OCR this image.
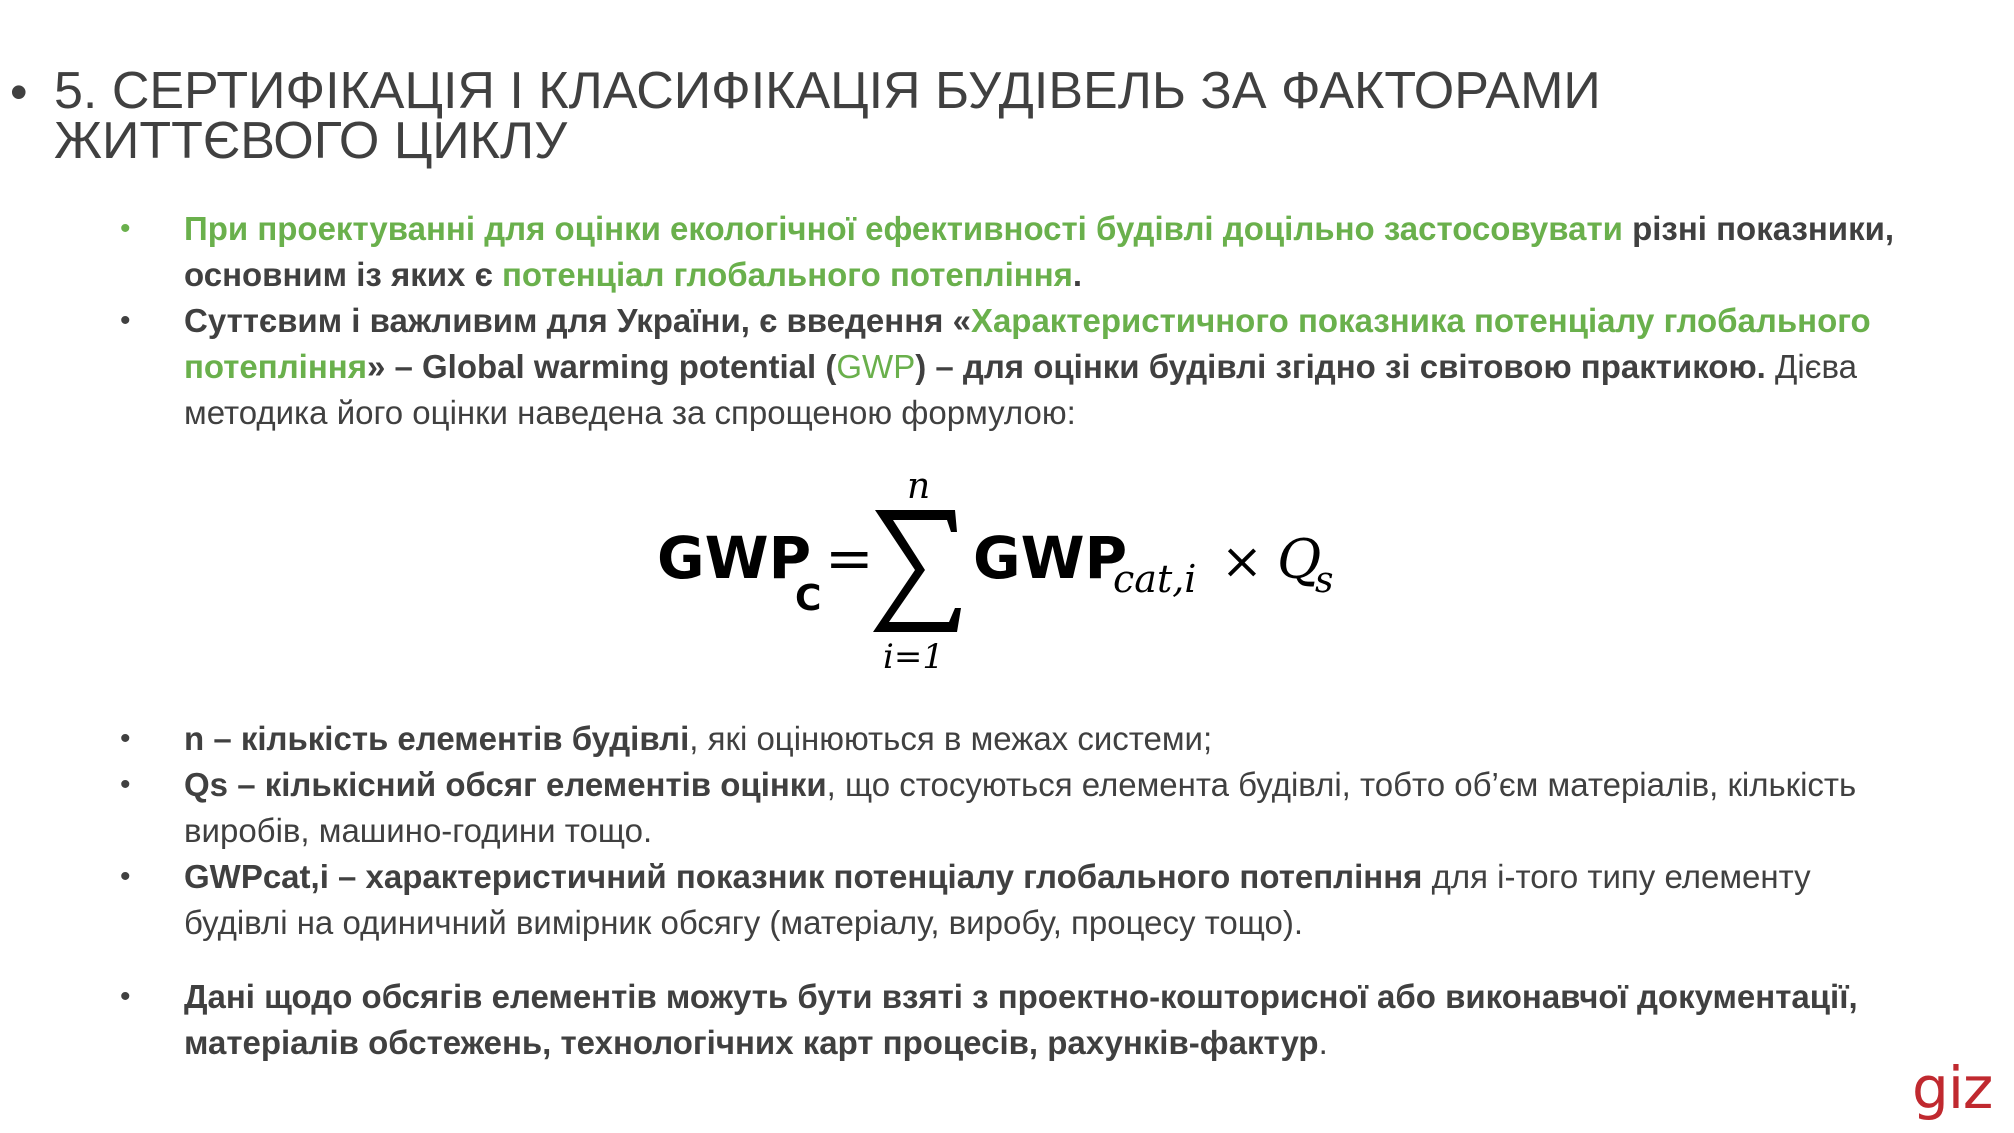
• 5. СЕРТИФІКАЦІЯ І КЛАСИФІКАЦІЯ БУДІВЕЛЬ ЗА ФАКТОРАМИ ЖИТТЄВОГО ЦИКЛУ
•	При проектуванні для оцінки екологічної ефективності будівлі доцільно застосовувати різні показники, основним із яких є потенціал глобального потепління.
•	Суттєвим і важливим для України, є введення «Характеристичного показника потенціалу глобального потепління» – Global warming potential (GWP) – для оцінки будівлі згідно зі світовою практикою. Дієва методика його оцінки наведена за спрощеною формулою:
GWP
C
=
n
i=1
GWP
cat,i × Q
s
•	n – кількість елементів будівлі, які оцінюються в межах системи;
•	Qs – кількісний обсяг елементів оцінки, що стосуються елемента будівлі, тобто об’єм матеріалів, кількість виробів, машино-години тощо.
•	GWPcat,i – характеристичний показник потенціалу глобального потепління для і-того типу елементу будівлі на одиничний вимірник обсягу (матеріалу, виробу, процесу тощо).
•	Дані щодо обсягів елементів можуть бути взяті з проектно-кошторисної або виконавчої документації, матеріалів обстежень, технологічних карт процесів, рахунків-фактур.
giz
